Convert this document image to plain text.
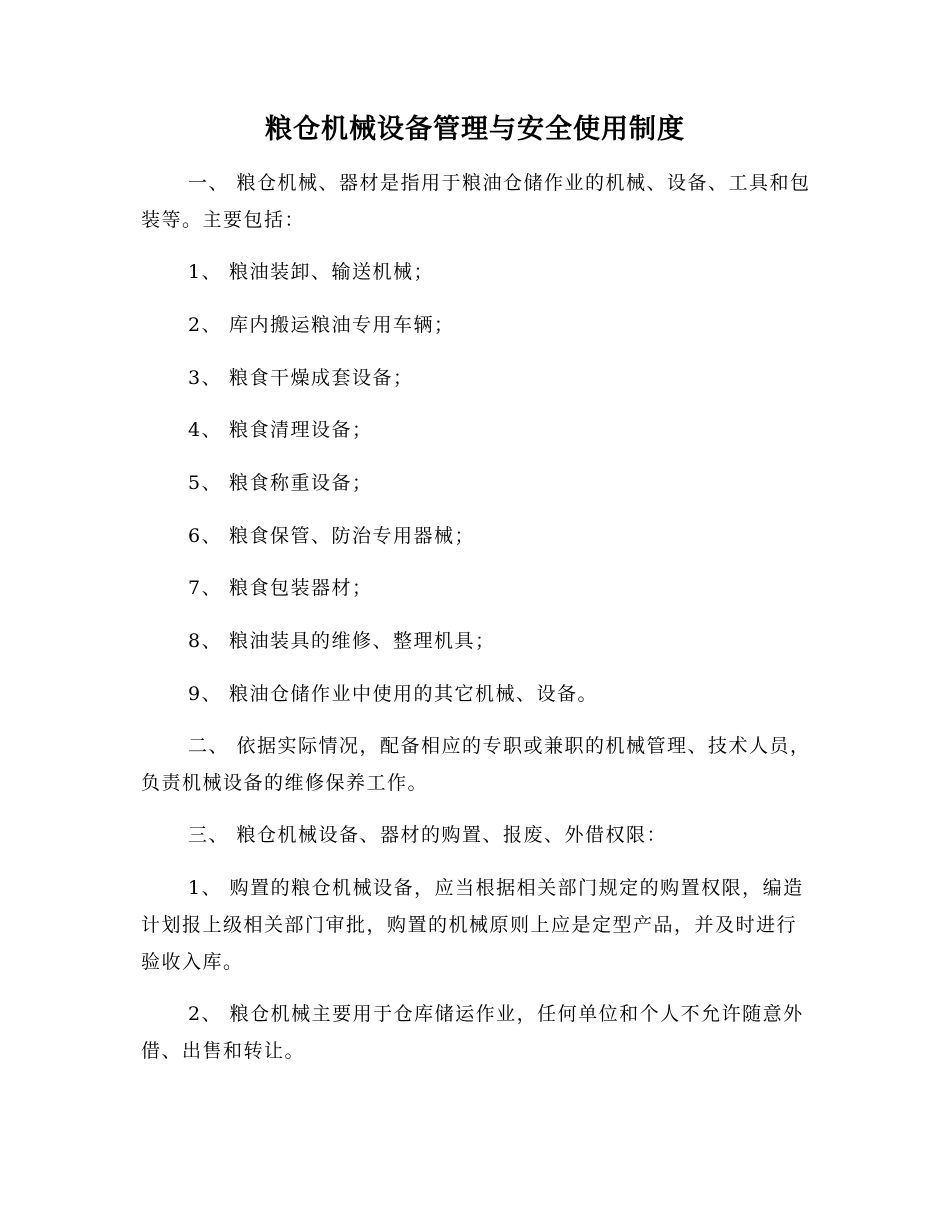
粮仓机械设备管理与安全使用制度
一、 粮仓机械、器材是指用于粮油仓储作业的机械、设备、工具和包装等。主要包括：
1、 粮油装卸、输送机械；
2、 库内搬运粮油专用车辆；
3、 粮食干燥成套设备；
4、 粮食清理设备；
5、 粮食称重设备；
6、 粮食保管、防治专用器械；
7、 粮食包装器材；
8、 粮油装具的维修、整理机具；
9、 粮油仓储作业中使用的其它机械、设备。
二、 依据实际情况，配备相应的专职或兼职的机械管理、技术人员，负责机械设备的维修保养工作。
三、 粮仓机械设备、器材的购置、报废、外借权限：
1、 购置的粮仓机械设备，应当根据相关部门规定的购置权限，编造计划报上级相关部门审批，购置的机械原则上应是定型产品，并及时进行验收入库。
2、 粮仓机械主要用于仓库储运作业，任何单位和个人不允许随意外借、出售和转让。
